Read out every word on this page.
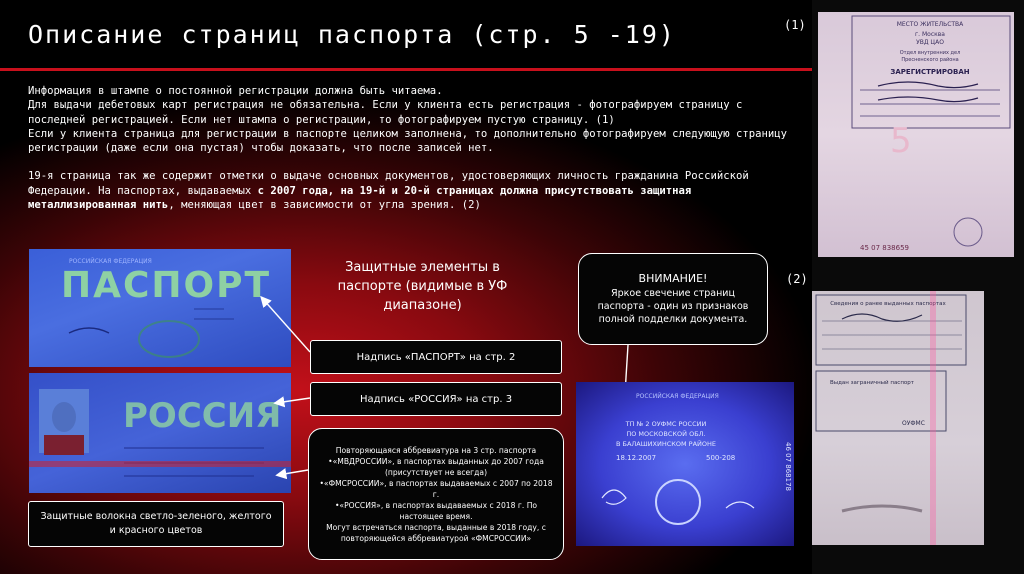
Описание страниц паспорта (стр. 5 -19)

Информация в штампе о постоянной регистрации должна быть читаема.

Для выдачи дебетовых карт регистрация не обязательна. Если у клиента есть регистрация - фотографируем страницу с последней регистрацией. Если нет штампа о регистрации, то фотографируем пустую страницу. (1)

Если у клиента страница для регистрации в паспорте целиком заполнена, то дополнительно фотографируем следующую страницу регистрации (даже если она пустая) чтобы доказать, что после записей нет.

19-я страница так же содержит отметки о выдаче основных документов, удостоверяющих личность гражданина Российской Федерации. На паспортах, выдаваемых с 2007 года, на 19-й и 20-й страницах должна присутствовать защитная металлизированная нить, меняющая цвет в зависимости от угла зрения. (2)

РОССИЙСКАЯ ФЕДЕРАЦИЯ
ПАСПОРТ
РОССИЯ
Защитные элементы в паспорте (видимые в УФ диапазоне)
Надпись «ПАСПОРТ» на стр. 2
Надпись «РОССИЯ» на стр. 3
Повторяющаяся аббревиатура на 3 стр. паспорта
•«МВДРОССИИ», в паспортах выданных до 2007 года (присутствует не всегда)
•«ФМСРОССИИ», в паспортах выдаваемых с 2007 по 2018 г.
•«РОССИЯ», в паспортах выдаваемых с 2018 г. По настоящее время.
Могут встречаться паспорта, выданные в 2018 году, с повторяющейся аббревиатурой «ФМСРОССИИ»
Защитные волокна светло-зеленого, желтого и красного цветов
ВНИМАНИЕ!
Яркое свечение страниц паспорта - один из признаков полной подделки документа.
РОССИЙСКАЯ ФЕДЕРАЦИЯ
ТП № 2 ОУФМС РОССИИ
ПО МОСКОВСКОЙ ОБЛ.
В БАЛАШИХИНСКОМ РАЙОНЕ
18.12.2007	500-208	46 07 868178
(1)
(2)
МЕСТО ЖИТЕЛЬСТВА
г. Москва
УВД ЦАО
Отдел внутренних дел
Пресненского района
ЗАРЕГИСТРИРОВАН
5
45 07 838659
Сведения о ранее выданных паспортах
Выдан заграничный паспорт
ОУФМС
